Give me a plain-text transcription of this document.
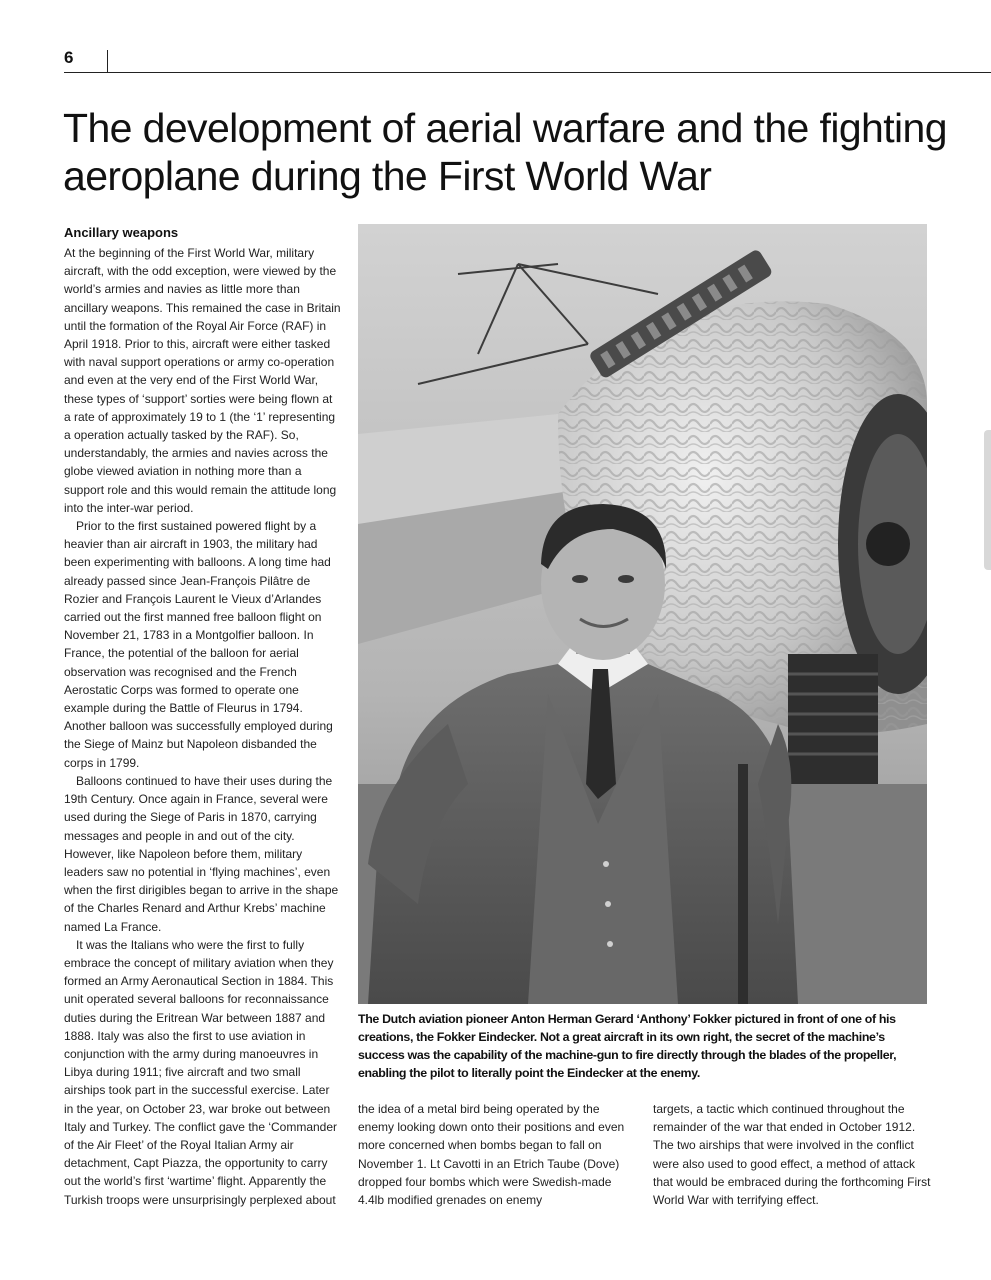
6
The development of aerial warfare and the fighting aeroplane during the First World War
Ancillary weapons

At the beginning of the First World War, military aircraft, with the odd exception, were viewed by the world’s armies and navies as little more than ancillary weapons. This remained the case in Britain until the formation of the Royal Air Force (RAF) in April 1918. Prior to this, aircraft were either tasked with naval support operations or army co-operation and even at the very end of the First World War, these types of ‘support’ sorties were being flown at a rate of approximately 19 to 1 (the ‘1’ representing a operation actually tasked by the RAF). So, understandably, the armies and navies across the globe viewed aviation in nothing more than a support role and this would remain the attitude long into the inter-war period.

Prior to the first sustained powered flight by a heavier than air aircraft in 1903, the military had been experimenting with balloons. A long time had already passed since Jean-François Pilâtre de Rozier and François Laurent le Vieux d’Arlandes carried out the first manned free balloon flight on November 21, 1783 in a Montgolfier balloon. In France, the potential of the balloon for aerial observation was recognised and the French Aerostatic Corps was formed to operate one example during the Battle of Fleurus in 1794. Another balloon was successfully employed during the Siege of Mainz but Napoleon disbanded the corps in 1799.

Balloons continued to have their uses during the 19th Century. Once again in France, several were used during the Siege of Paris in 1870, carrying messages and people in and out of the city. However, like Napoleon before them, military leaders saw no potential in ‘flying machines’, even when the first dirigibles began to arrive in the shape of the Charles Renard and Arthur Krebs’ machine named La France.

It was the Italians who were the first to fully embrace the concept of military aviation when they formed an Army Aeronautical Section in 1884. This unit operated several balloons for reconnaissance duties during the Eritrean War between 1887 and 1888. Italy was also the first to use aviation in conjunction with the army during manoeuvres in Libya during 1911; five aircraft and two small airships took part in the successful exercise. Later in the year, on October 23, war broke out between Italy and Turkey. The conflict gave the ‘Commander of the Air Fleet’ of the Royal Italian Army air detachment, Capt Piazza, the opportunity to carry out the world’s first ‘wartime’ flight. Apparently the Turkish troops were unsurprisingly perplexed about

The Dutch aviation pioneer Anton Herman Gerard ‘Anthony’ Fokker pictured in front of one of his creations, the Fokker Eindecker. Not a great aircraft in its own right, the secret of the machine’s success was the capability of the machine-gun to fire directly through the blades of the propeller, enabling the pilot to literally point the Eindecker at the enemy.

the idea of a metal bird being operated by the enemy looking down onto their positions and even more concerned when bombs began to fall on November 1. Lt Cavotti in an Etrich Taube (Dove) dropped four bombs which were Swedish-made 4.4lb modified grenades on enemy

targets, a tactic which continued throughout the remainder of the war that ended in October 1912. The two airships that were involved in the conflict were also used to good effect, a method of attack that would be embraced during the forthcoming First World War with terrifying effect.
